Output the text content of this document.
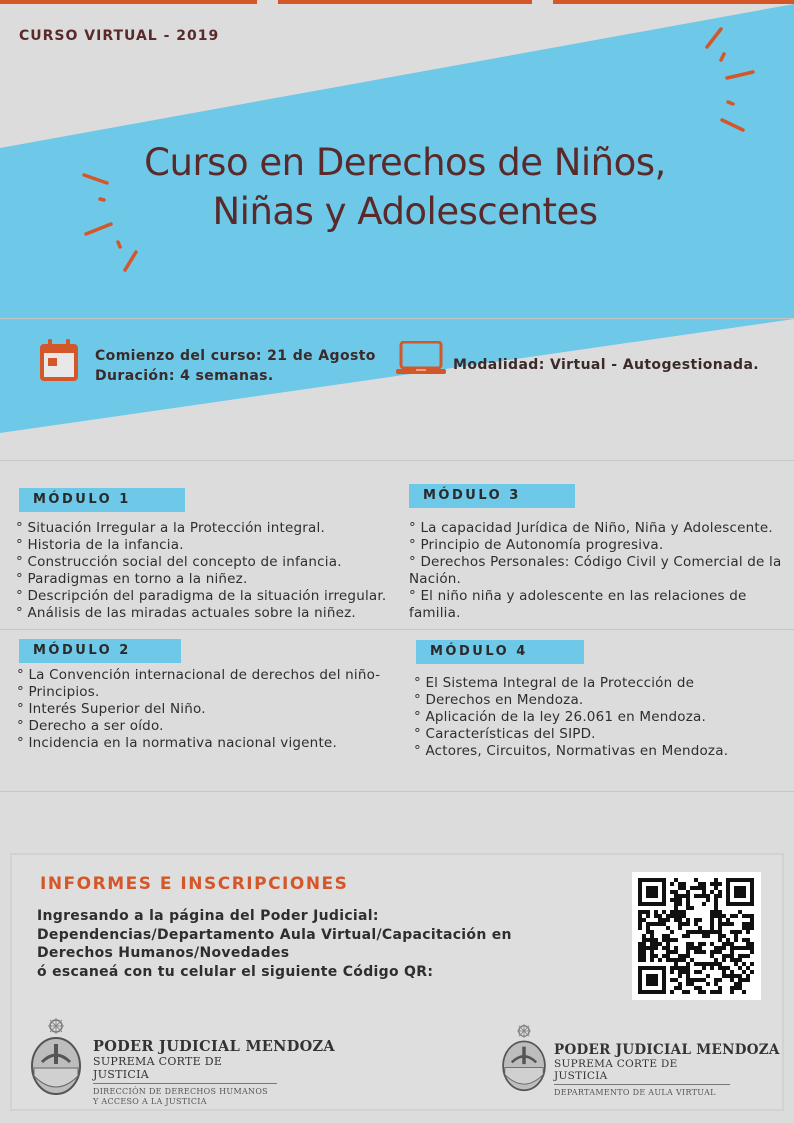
CURSO VIRTUAL - 2019
Curso en Derechos de Niños,
Niñas y Adolescentes
Comienzo del curso: 21 de Agosto
Duración: 4 semanas.
Modalidad: Virtual - Autogestionada.
MÓDULO 1
° Situación Irregular a la Protección integral.
° Historia de la infancia.
° Construcción social del concepto de infancia.
° Paradigmas en torno a la niñez.
° Descripción del paradigma de la situación irregular.
° Análisis de las miradas actuales sobre la niñez.
MÓDULO 3
° La capacidad Jurídica de Niño, Niña y Adolescente.
° Principio de Autonomía progresiva.
° Derechos Personales: Código Civil y Comercial de la Nación.
° El niño niña y adolescente en las relaciones de familia.
MÓDULO 2
° La Convención internacional de derechos del niño-
° Principios.
° Interés Superior del Niño.
° Derecho a ser oído.
° Incidencia en la normativa nacional vigente.
MÓDULO 4
° El Sistema Integral de la Protección de
° Derechos en Mendoza.
° Aplicación de la ley 26.061 en Mendoza.
° Características del SIPD.
° Actores, Circuitos, Normativas en Mendoza.
INFORMES E INSCRIPCIONES
Ingresando a la página del Poder Judicial:
Dependencias/Departamento Aula Virtual/Capacitación en Derechos Humanos/Novedades
ó escaneá con tu celular el siguiente Código QR:
PODER JUDICIAL MENDOZA
SUPREMA CORTE DE JUSTICIA
DIRECCIÓN DE DERECHOS HUMANOS
Y ACCESO A LA JUSTICIA
PODER JUDICIAL MENDOZA
SUPREMA CORTE DE JUSTICIA
DEPARTAMENTO DE AULA VIRTUAL
